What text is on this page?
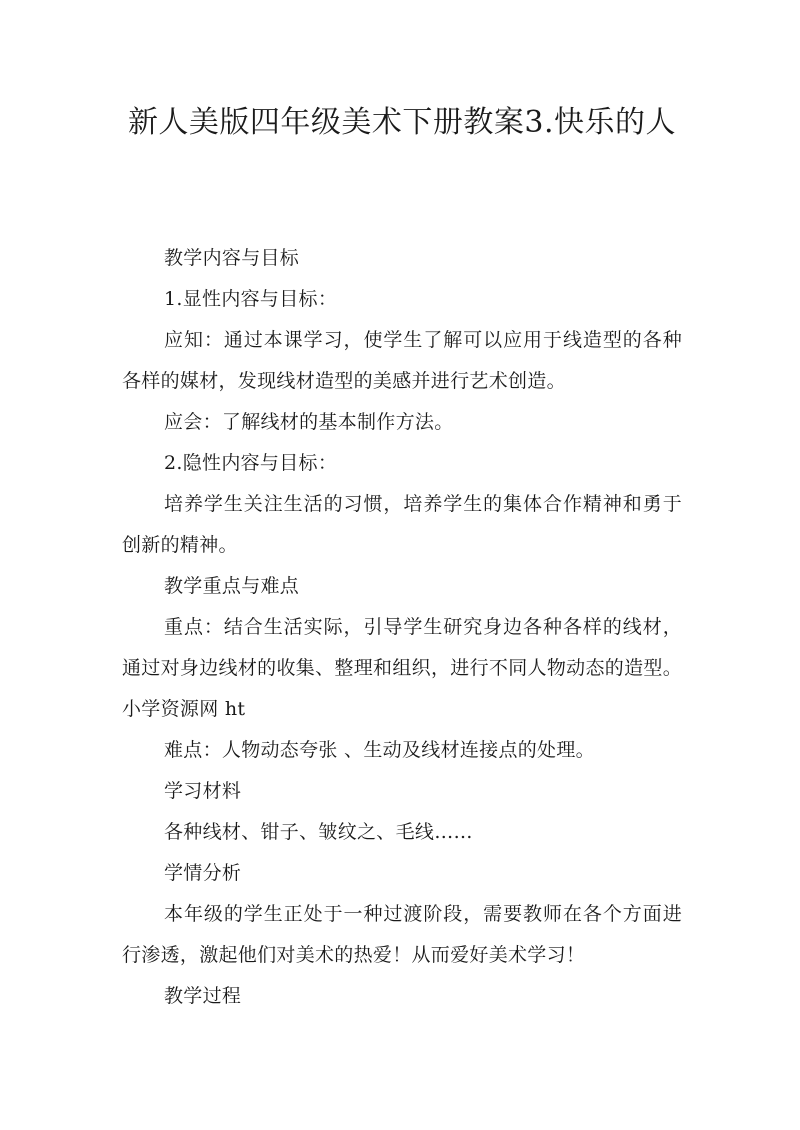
新人美版四年级美术下册教案3.快乐的人

教学内容与目标

1.显性内容与目标：

应知：通过本课学习，使学生了解可以应用于线造型的各种各样的媒材，发现线材造型的美感并进行艺术创造。

应会：了解线材的基本制作方法。

2.隐性内容与目标：

培养学生关注生活的习惯，培养学生的集体合作精神和勇于创新的精神。

教学重点与难点

重点：结合生活实际，引导学生研究身边各种各样的线材，通过对身边线材的收集、整理和组织，进行不同人物动态的造型。小学资源网 ht

难点：人物动态夸张 、生动及线材连接点的处理。

学习材料

各种线材、钳子、皱纹之、毛线……

学情分析

本年级的学生正处于一种过渡阶段，需要教师在各个方面进行渗透，激起他们对美术的热爱！从而爱好美术学习！

教学过程
